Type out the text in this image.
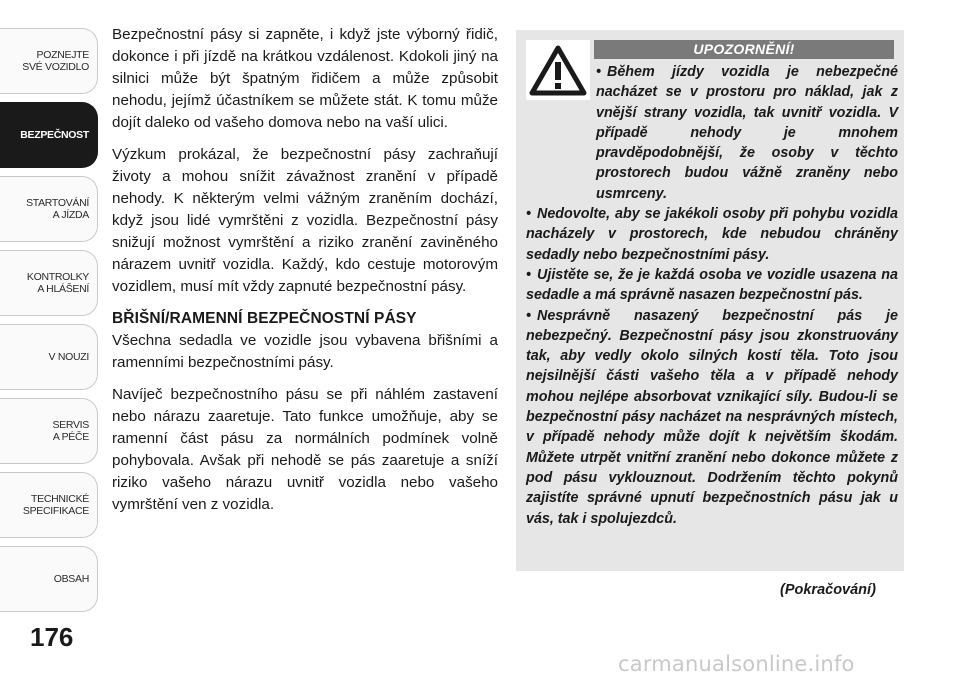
POZNEJTE
SVÉ VOZIDLO
BEZPEČNOST
STARTOVÁNÍ
A JÍZDA
KONTROLKY
A HLÁŠENÍ
V NOUZI
SERVIS
A PÉČE
TECHNICKÉ
SPECIFIKACE
OBSAH
176

Bezpečnostní pásy si zapněte, i když jste výborný řidič, dokonce i při jízdě na krátkou vzdálenost. Kdokoli jiný na silnici může být špatným řidičem a může způsobit nehodu, jejímž účastníkem se můžete stát. K tomu může dojít daleko od vašeho domova nebo na vaší ulici.

Výzkum prokázal, že bezpečnostní pásy zachraňují životy a mohou snížit závažnost zranění v případě nehody. K některým velmi vážným zraněním dochází, když jsou lidé vymrštěni z vozidla. Bezpečnostní pásy snižují možnost vymrštění a riziko zranění zaviněného nárazem uvnitř vozidla. Každý, kdo cestuje motorovým vozidlem, musí mít vždy zapnuté bezpečnostní pásy.

BŘIŠNÍ/RAMENNÍ BEZPEČNOSTNÍ PÁSY

Všechna sedadla ve vozidle jsou vybavena břišními a ramenními bezpečnostními pásy.

Navíječ bezpečnostního pásu se při náhlém zastavení nebo nárazu zaaretuje. Tato funkce umožňuje, aby se ramenní část pásu za normálních podmínek volně pohybovala. Avšak při nehodě se pás zaaretuje a sníží riziko vašeho nárazu uvnitř vozidla nebo vašeho vymrštění ven z vozidla.

UPOZORNĚNÍ!

• Během jízdy vozidla je nebezpečné nacházet se v prostoru pro náklad, jak z vnější strany vozidla, tak uvnitř vozidla. V případě nehody je mnohem pravděpodobnější, že osoby v těchto prostorech budou vážně zraněny nebo usmrceny.

• Nedovolte, aby se jakékoli osoby při pohybu vozidla nacházely v prostorech, kde nebudou chráněny sedadly nebo bezpečnostními pásy.

• Ujistěte se, že je každá osoba ve vozidle usazena na sedadle a má správně nasazen bezpečnostní pás.

• Nesprávně nasazený bezpečnostní pás je nebezpečný. Bezpečnostní pásy jsou zkonstruovány tak, aby vedly okolo silných kostí těla. Toto jsou nejsilnější části vašeho těla a v případě nehody mohou nejlépe absorbovat vznikající síly. Budou-li se bezpečnostní pásy nacházet na nesprávných místech, v případě nehody může dojít k největším škodám. Můžete utrpět vnitřní zranění nebo dokonce můžete z pod pásu vyklouznout. Dodržením těchto pokynů zajistíte správné upnutí bezpečnostních pásu jak u vás, tak i spolujezdců.

(Pokračování)
carmanualsonline.info
